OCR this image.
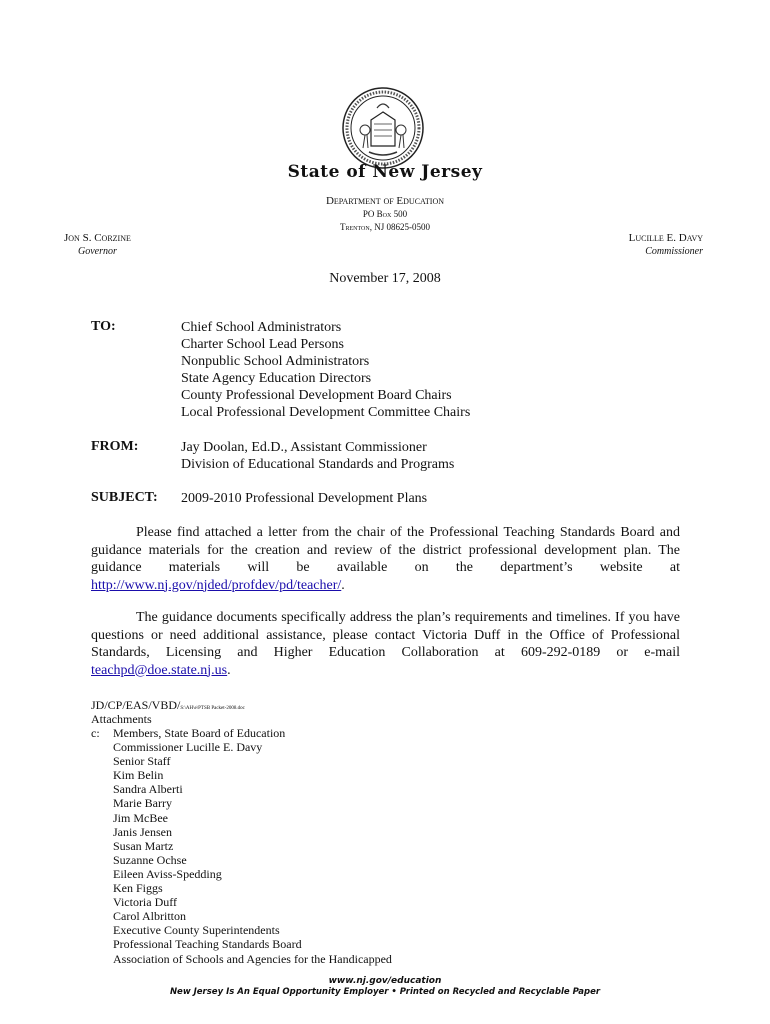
State of New Jersey
Department of Education
PO Box 500
Trenton, NJ 08625-0500
Jon S. Corzine
Governor
Lucille E. Davy
Commissioner
November 17, 2008
TO:	Chief School Administrators
Charter School Lead Persons
Nonpublic School Administrators
State Agency Education Directors
County Professional Development Board Chairs
Local Professional Development Committee Chairs
FROM:	Jay Doolan, Ed.D., Assistant Commissioner
Division of Educational Standards and Programs
SUBJECT: 2009-2010 Professional Development Plans
Please find attached a letter from the chair of the Professional Teaching Standards Board and guidance materials for the creation and review of the district professional development plan. The guidance materials will be available on the department’s website at http://www.nj.gov/njded/profdev/pd/teacher/.
The guidance documents specifically address the plan’s requirements and timelines. If you have questions or need additional assistance, please contact Victoria Duff in the Office of Professional Standards, Licensing and Higher Education Collaboration at 609-292-0189 or e-mail teachpd@doe.state.nj.us.
JD/CP/EAS/VBD/S:\AH\e\PTSB Packet-2008.doc
Attachments
c: Members, State Board of Education
Commissioner Lucille E. Davy
Senior Staff
Kim Belin
Sandra Alberti
Marie Barry
Jim McBee
Janis Jensen
Susan Martz
Suzanne Ochse
Eileen Aviss-Spedding
Ken Figgs
Victoria Duff
Carol Albritton
Executive County Superintendents
Professional Teaching Standards Board
Association of Schools and Agencies for the Handicapped
www.nj.gov/education
New Jersey Is An Equal Opportunity Employer • Printed on Recycled and Recyclable Paper
